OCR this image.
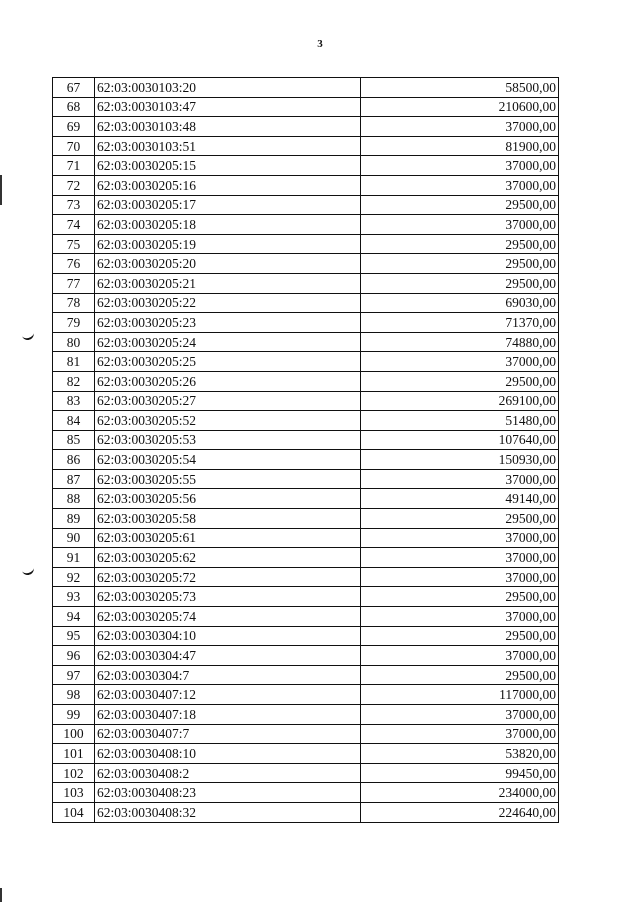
3
67	62:03:0030103:20	58500,00
68	62:03:0030103:47	210600,00
69	62:03:0030103:48	37000,00
70	62:03:0030103:51	81900,00
71	62:03:0030205:15	37000,00
72	62:03:0030205:16	37000,00
73	62:03:0030205:17	29500,00
74	62:03:0030205:18	37000,00
75	62:03:0030205:19	29500,00
76	62:03:0030205:20	29500,00
77	62:03:0030205:21	29500,00
78	62:03:0030205:22	69030,00
79	62:03:0030205:23	71370,00
80	62:03:0030205:24	74880,00
81	62:03:0030205:25	37000,00
82	62:03:0030205:26	29500,00
83	62:03:0030205:27	269100,00
84	62:03:0030205:52	51480,00
85	62:03:0030205:53	107640,00
86	62:03:0030205:54	150930,00
87	62:03:0030205:55	37000,00
88	62:03:0030205:56	49140,00
89	62:03:0030205:58	29500,00
90	62:03:0030205:61	37000,00
91	62:03:0030205:62	37000,00
92	62:03:0030205:72	37000,00
93	62:03:0030205:73	29500,00
94	62:03:0030205:74	37000,00
95	62:03:0030304:10	29500,00
96	62:03:0030304:47	37000,00
97	62:03:0030304:7	29500,00
98	62:03:0030407:12	117000,00
99	62:03:0030407:18	37000,00
100	62:03:0030407:7	37000,00
101	62:03:0030408:10	53820,00
102	62:03:0030408:2	99450,00
103	62:03:0030408:23	234000,00
104	62:03:0030408:32	224640,00
